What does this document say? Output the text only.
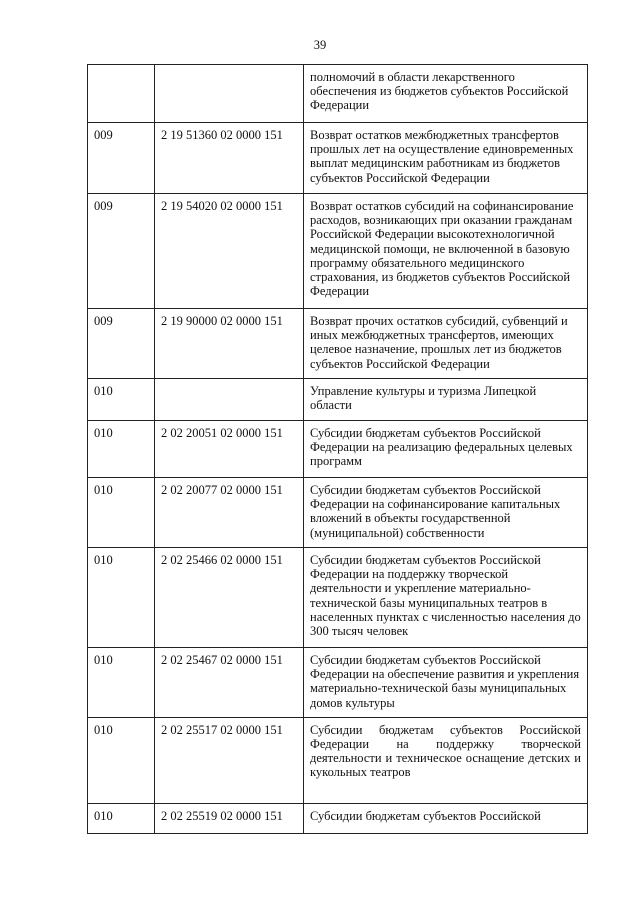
39
		полномочий в области лекарственного обеспечения из бюджетов субъектов Российской Федерации
009	2 19 51360 02 0000 151	Возврат остатков межбюджетных трансфертов прошлых лет на осуществление единовременных выплат медицинским работникам из бюджетов субъектов Российской Федерации
009	2 19 54020 02 0000 151	Возврат остатков субсидий на софинансирование расходов, возникающих при оказании гражданам Российской Федерации высокотехнологичной медицинской помощи, не включенной в базовую программу обязательного медицинского страхования, из бюджетов субъектов Российской Федерации
009	2 19 90000 02 0000 151	Возврат прочих остатков субсидий, субвенций и иных межбюджетных трансфертов, имеющих целевое назначение, прошлых лет из бюджетов субъектов Российской Федерации
010		Управление культуры и туризма Липецкой области
010	2 02 20051 02 0000 151	Субсидии бюджетам субъектов Российской Федерации на реализацию федеральных целевых программ
010	2 02 20077 02 0000 151	Субсидии бюджетам субъектов Российской Федерации на софинансирование капитальных вложений в объекты государственной (муниципальной) собственности
010	2 02 25466 02 0000 151	Субсидии бюджетам субъектов Российской Федерации на поддержку творческой деятельности и укрепление материально-технической базы муниципальных театров в населенных пунктах с численностью населения до 300 тысяч человек
010	2 02 25467 02 0000 151	Субсидии бюджетам субъектов Российской Федерации на обеспечение развития и укрепления материально-технической базы муниципальных домов культуры
010	2 02 25517 02 0000 151	Субсидии бюджетам субъектов Российской Федерации на поддержку творческой деятельности и техническое оснащение детских и кукольных театров
010	2 02 25519 02 0000 151	Субсидии бюджетам субъектов Российской
